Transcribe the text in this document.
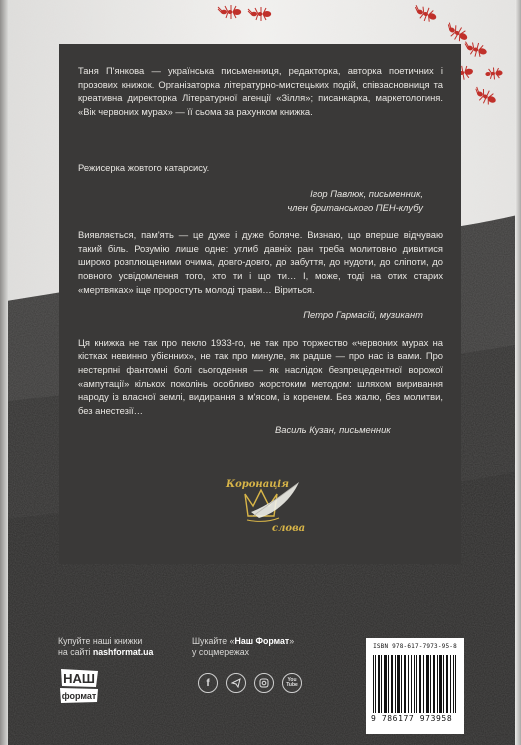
Таня П'янкова — українська письменниця, редакторка, авторка поетичних і прозових книжок. Організаторка літературно-мистецьких подій, співзасновниця та креативна директорка Літературної агенції «Зілля»; писанкарка, маркетологиня. «Вік червоних мурах» — її сьома за рахунком книжка.

Режисерка жовтого катарсису.

Ігор Павлюк, письменник,

член британського ПЕН-клубу

Виявляється, пам'ять — це дуже і дуже боляче. Визнаю, що вперше відчуваю такий біль. Розумію лише одне: углиб давніх ран треба молитовно дивитися широко розплющеними очима, довго-довго, до забуття, до нудоти, до сліпоти, до повного усвідомлення того, хто ти і що ти… І, може, тоді на отих старих «мертвяках» іще проростуть молоді трави… Віриться.

Петро Гармасій, музикант

Ця книжка не так про пекло 1933-го, не так про торжество «червоних мурах на кістках невинно убієнних», не так про минуле, як радше — про нас із вами. Про нестерпні фантомні болі сьогодення — як наслідок безпрецедентної ворожої «ампутації» кількох поколінь особливо жорстоким методом: шляхом виривання народу із власної землі, видирання з м'ясом, із коренем. Без жалю, без молитви, без анестезії…

Василь Кузан, письменник

Коронація
слова
Купуйте наші книжки
на сайті nashformat.ua
Шукайте «Наш Формат»
у соцмережах
НАШ
формат
f	You Tube
ISBN 978-617-7973-95-8
9 786177 973958
